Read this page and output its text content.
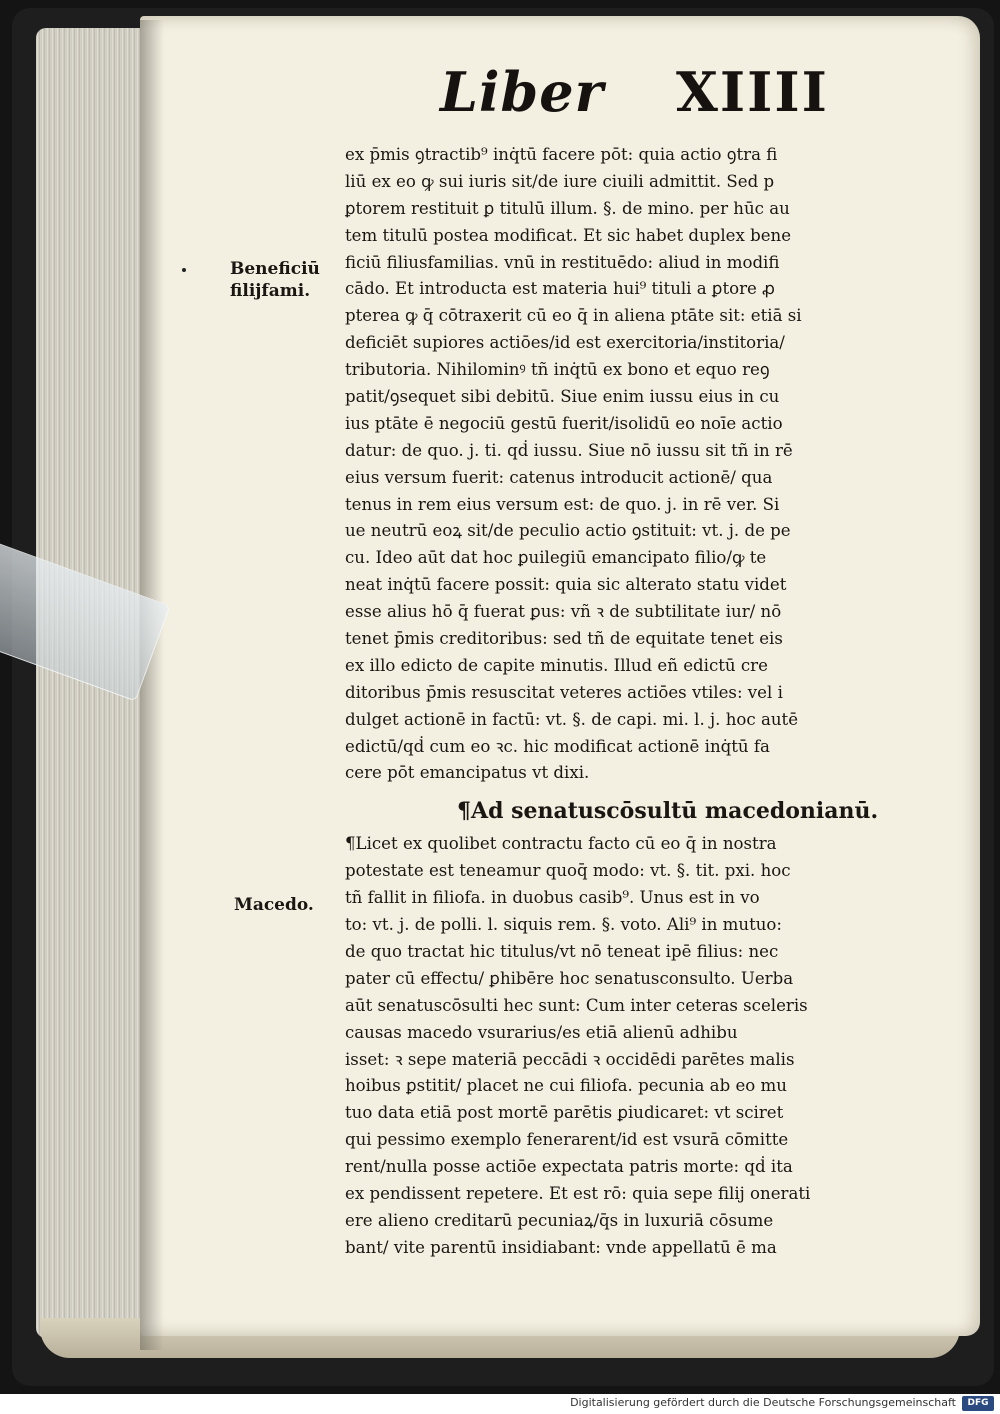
Liber XIIII
Beneficiū
filijfami.
Macedo.
ex p̄mis ꝯtractib⁹ inq̇tū facere pōt: quia actio ꝯtra fi
liū ex eo ꝙ sui iuris sit/de iure ciuili admittit. Sed p
ꝑtorem restituit ꝑ titulū illum. §. de mino. per hūc au
tem titulū postea modificat. Et sic habet duplex bene
ficiū filiusfamilias. vnū in restituēdo: aliud in modifi
cādo. Et introducta est materia hui⁹ tituli a ꝑtore ꝓ
pterea ꝙ q̄ cōtraxerit cū eo q̄ in aliena ptāte sit: etiā si
deficiēt supiores actiōes/id est exercitoria/institoria/
tributoria. Nihilominꝰ tñ inq̇tū ex bono et equo reꝯ
patit/ꝯsequet sibi debitū. Siue enim iussu eius in cu
ius ptāte ē negociū gestū fuerit/isolidū eo noīe actio
datur: de quo. j. ti. qḋ iussu. Siue nō iussu sit tñ in rē
eius versum fuerit: catenus introducit actionē/ qua
tenus in rem eius versum est: de quo. j. in rē ver. Si
ue neutrū eoꝝ sit/de peculio actio ꝯstituit: vt. j. de pe
cu. Ideo aūt dat hoc ꝑuilegiū emancipato filio/ꝙ te
neat inq̇tū facere possit: quia sic alterato statu videt
esse alius hō q̄ fuerat ꝑus: vñ ꝛ de subtilitate iur/ nō
tenet p̄mis creditoribus: sed tñ de equitate tenet eis
ex illo edicto de capite minutis. Illud eñ edictū cre
ditoribus p̄mis resuscitat veteres actiōes vtiles: vel i
dulget actionē in factū: vt. §. de capi. mi. l. j. hoc autē
edictū/qḋ cum eo ꝛc. hic modificat actionē inq̇tū fa
cere pōt emancipatus vt dixi.
¶Ad senatuscōsultū macedonianū.
¶Licet ex quolibet contractu facto cū eo q̄ in nostra
potestate est teneamur quoq̄ modo: vt. §. tit. pxi. hoc
tñ fallit in filiofa. in duobus casib⁹. Unus est in vo
to: vt. j. de polli. l. siquis rem. §. voto. Ali⁹ in mutuo:
de quo tractat hic titulus/vt nō teneat ipē filius: nec
pater cū effectu/ ꝑhibēre hoc senatusconsulto. Uerba
aūt senatuscōsulti hec sunt: Cum inter ceteras sceleris
causas macedo vsurarius/es etiā alienū adhibu
isset: ꝛ sepe materiā peccādi ꝛ occidēdi parētes malis
hoibus ꝑstitit/ placet ne cui filiofa. pecunia ab eo mu
tuo data etiā post mortē parētis ꝑiudicaret: vt sciret
qui pessimo exemplo fenerarent/id est vsurā cōmitte
rent/nulla posse actiōe expectata patris morte: qḋ ita
ex pendissent repetere. Et est rō: quia sepe filij onerati
ere alieno creditarū pecuniaꝝ/q̄s in luxuriā cōsume
bant/ vite parentū insidiabant: vnde appellatū ē ma
Digitalisierung gefördert durch die Deutsche Forschungsgemeinschaft	DFG
